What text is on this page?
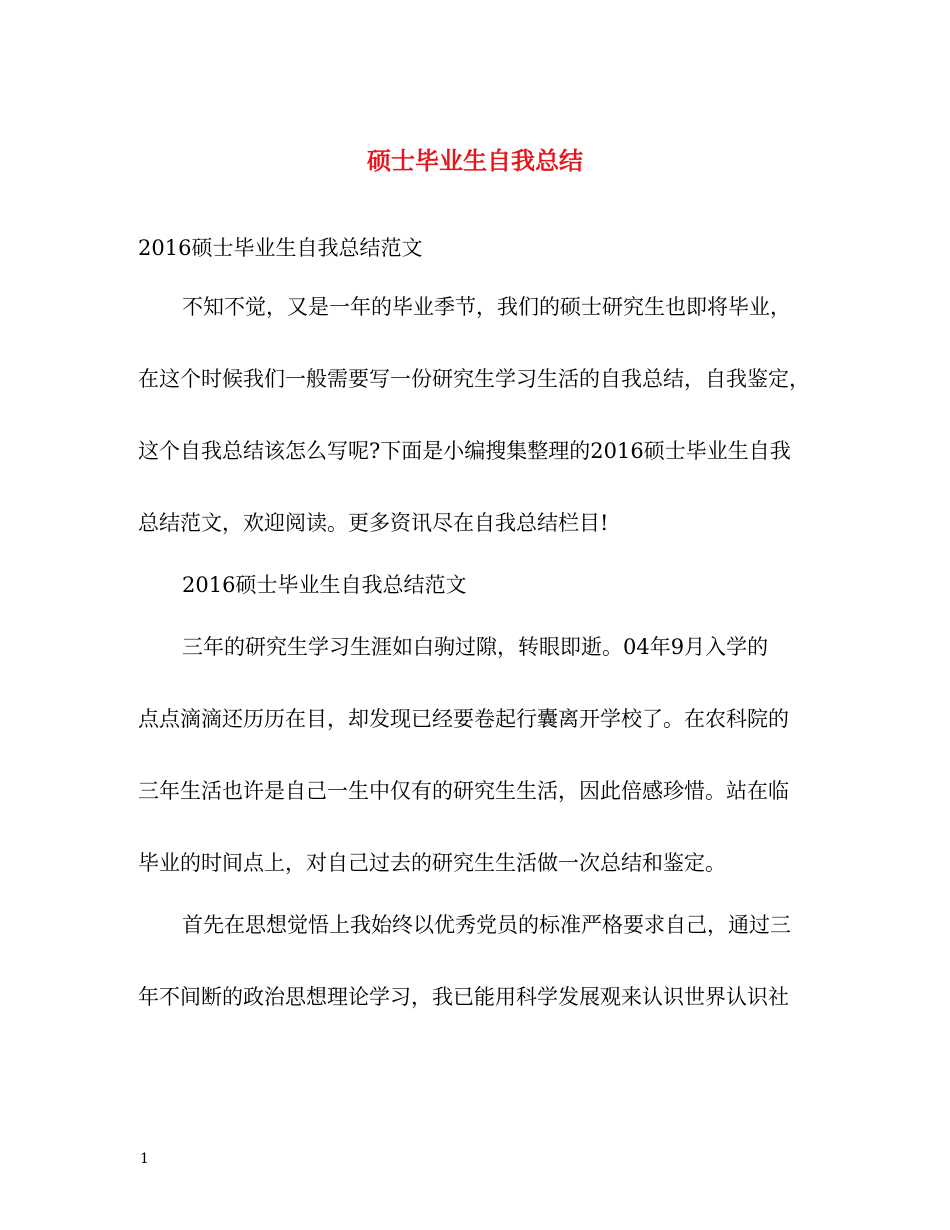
硕士毕业生自我总结
2016硕士毕业生自我总结范文
不知不觉，又是一年的毕业季节，我们的硕士研究生也即将毕业，
在这个时候我们一般需要写一份研究生学习生活的自我总结，自我鉴定，
这个自我总结该怎么写呢?下面是小编搜集整理的2016硕士毕业生自我
总结范文，欢迎阅读。更多资讯尽在自我总结栏目!
2016硕士毕业生自我总结范文
三年的研究生学习生涯如白驹过隙，转眼即逝。04年9月入学的
点点滴滴还历历在目，却发现已经要卷起行囊离开学校了。在农科院的
三年生活也许是自己一生中仅有的研究生生活，因此倍感珍惜。站在临
毕业的时间点上，对自己过去的研究生生活做一次总结和鉴定。
首先在思想觉悟上我始终以优秀党员的标准严格要求自己，通过三
年不间断的政治思想理论学习，我已能用科学发展观来认识世界认识社
1
